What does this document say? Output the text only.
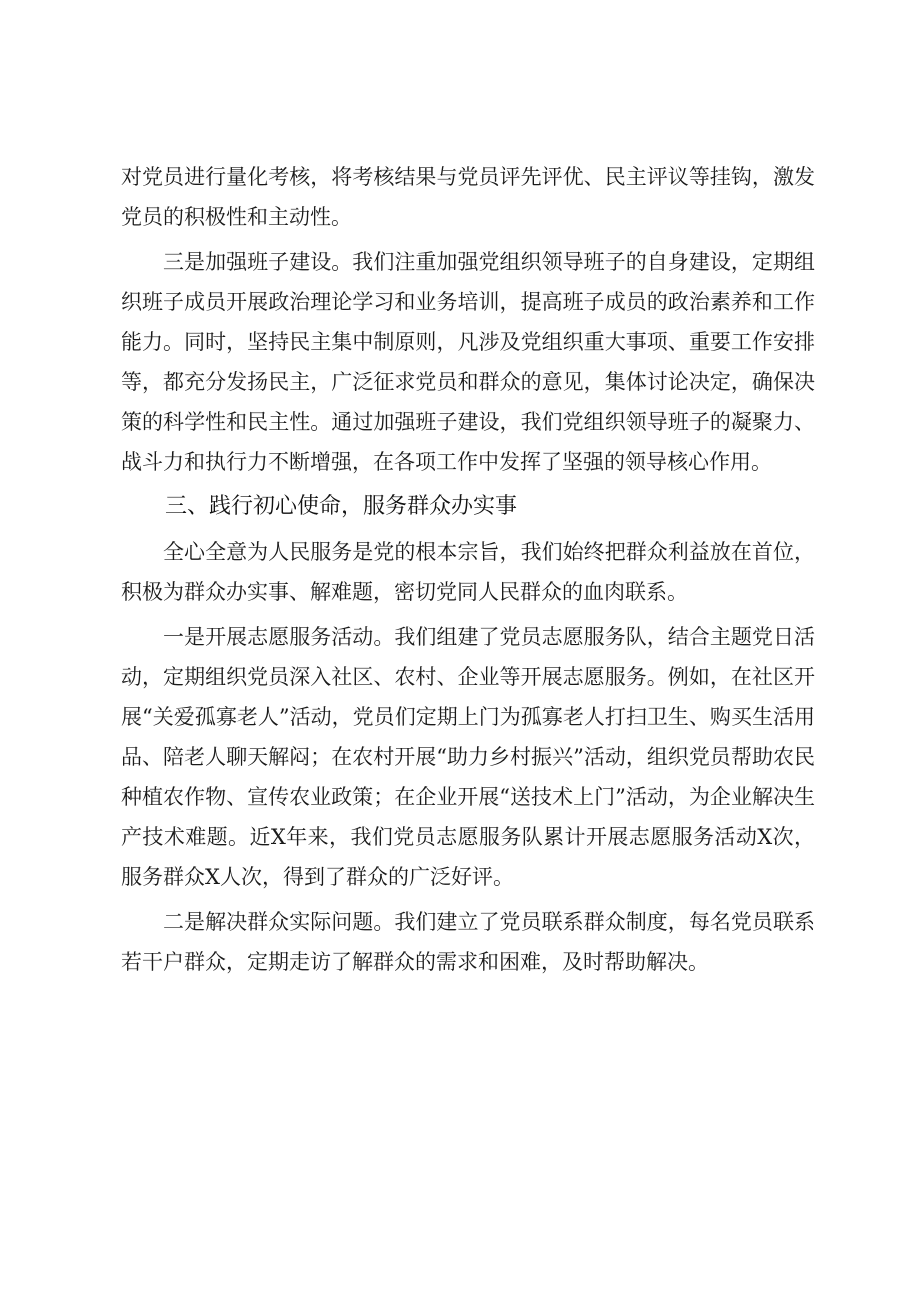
对党员进行量化考核，将考核结果与党员评先评优、民主评议等挂钩，激发党员的积极性和主动性。

三是加强班子建设。我们注重加强党组织领导班子的自身建设，定期组织班子成员开展政治理论学习和业务培训，提高班子成员的政治素养和工作能力。同时，坚持民主集中制原则，凡涉及党组织重大事项、重要工作安排等，都充分发扬民主，广泛征求党员和群众的意见，集体讨论决定，确保决策的科学性和民主性。通过加强班子建设，我们党组织领导班子的凝聚力、战斗力和执行力不断增强，在各项工作中发挥了坚强的领导核心作用。

三、践行初心使命，服务群众办实事

全心全意为人民服务是党的根本宗旨，我们始终把群众利益放在首位，积极为群众办实事、解难题，密切党同人民群众的血肉联系。

一是开展志愿服务活动。我们组建了党员志愿服务队，结合主题党日活动，定期组织党员深入社区、农村、企业等开展志愿服务。例如，在社区开展“关爱孤寡老人”活动，党员们定期上门为孤寡老人打扫卫生、购买生活用品、陪老人聊天解闷；在农村开展“助力乡村振兴”活动，组织党员帮助农民种植农作物、宣传农业政策；在企业开展“送技术上门”活动，为企业解决生产技术难题。近X年来，我们党员志愿服务队累计开展志愿服务活动X次，服务群众X人次，得到了群众的广泛好评。

二是解决群众实际问题。我们建立了党员联系群众制度，每名党员联系若干户群众，定期走访了解群众的需求和困难，及时帮助解决。
